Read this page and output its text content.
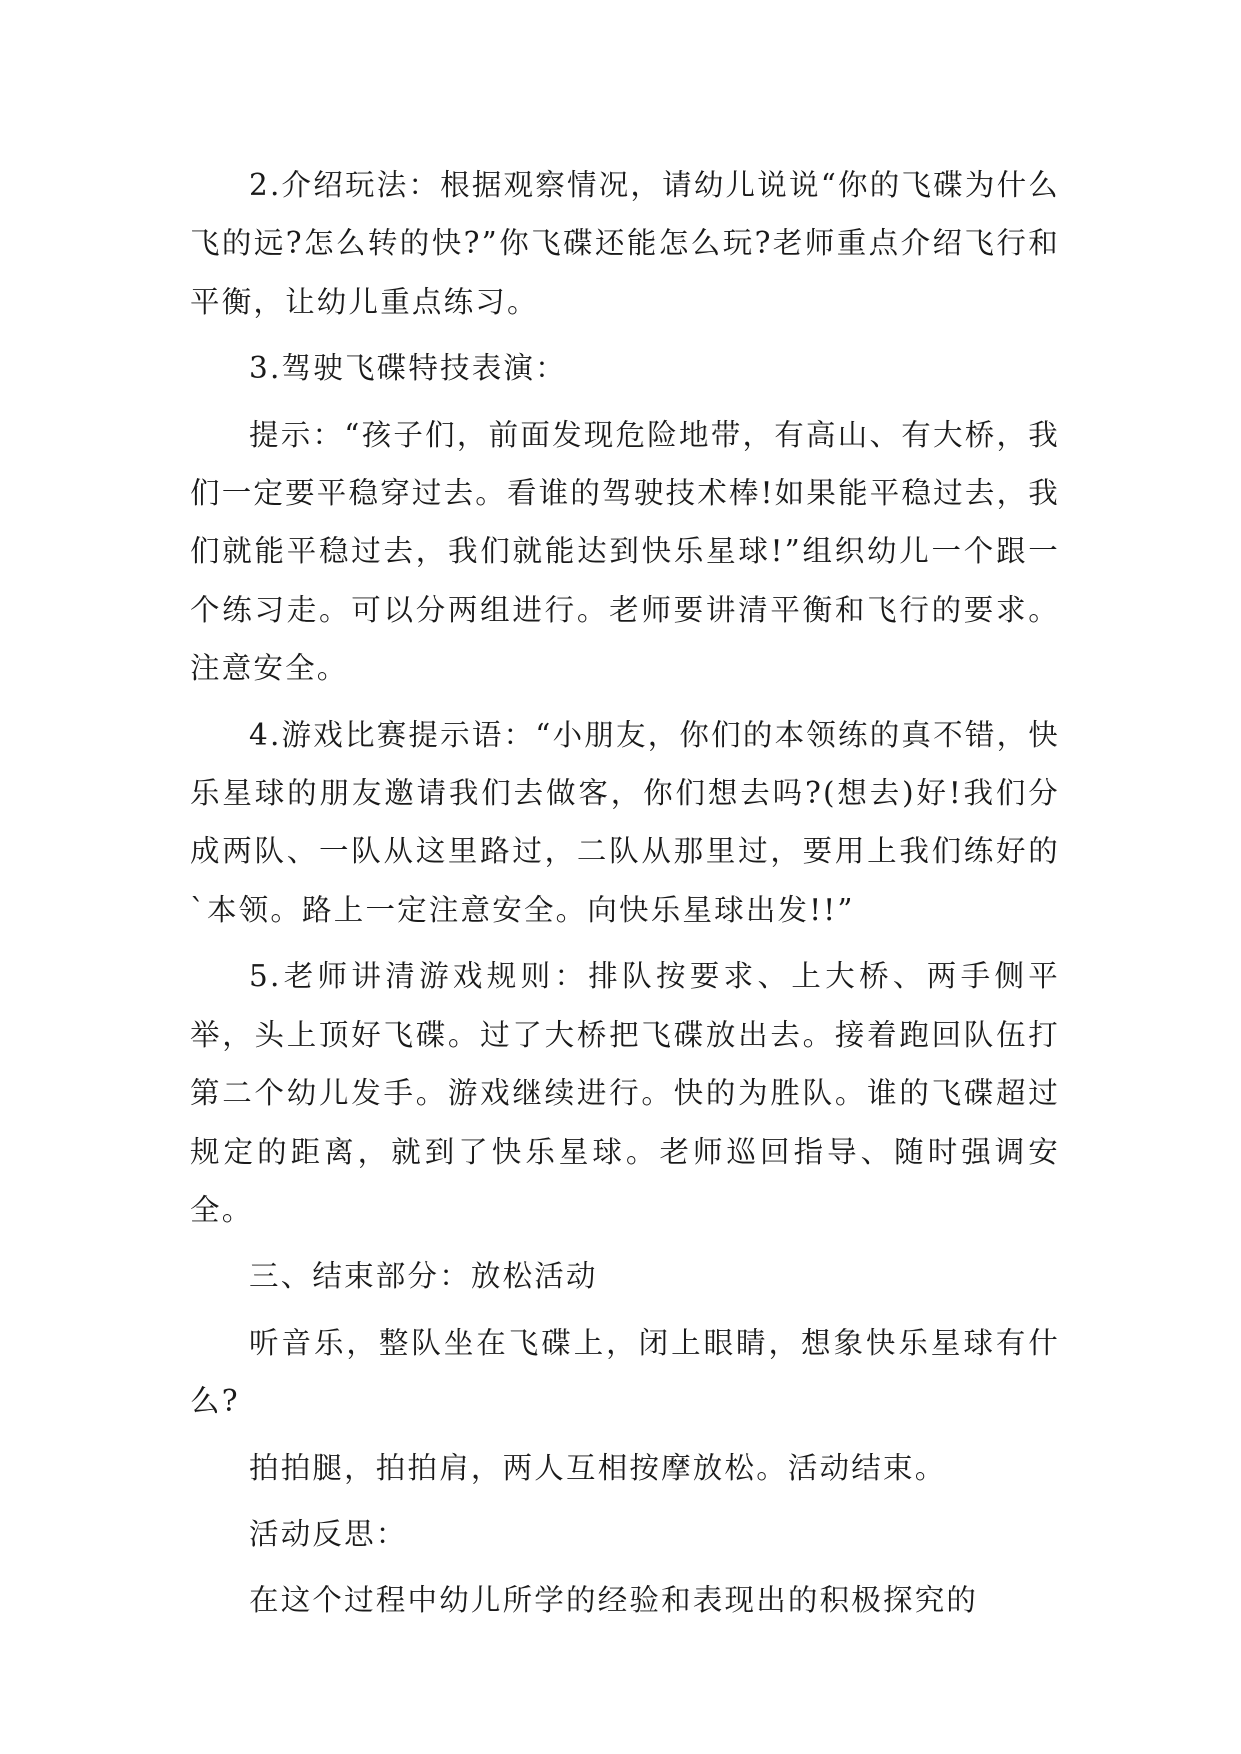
2.介绍玩法：根据观察情况，请幼儿说说“你的飞碟为什么飞的远?怎么转的快?”你飞碟还能怎么玩?老师重点介绍飞行和平衡，让幼儿重点练习。

3.驾驶飞碟特技表演：

提示：“孩子们，前面发现危险地带，有高山、有大桥，我们一定要平稳穿过去。看谁的驾驶技术棒!如果能平稳过去，我们就能平稳过去，我们就能达到快乐星球!”组织幼儿一个跟一个练习走。可以分两组进行。老师要讲清平衡和飞行的要求。注意安全。

4.游戏比赛提示语：“小朋友，你们的本领练的真不错，快乐星球的朋友邀请我们去做客，你们想去吗?(想去)好!我们分成两队、一队从这里路过，二队从那里过，要用上我们练好的`本领。路上一定注意安全。向快乐星球出发!!”

5.老师讲清游戏规则：排队按要求、上大桥、两手侧平举，头上顶好飞碟。过了大桥把飞碟放出去。接着跑回队伍打第二个幼儿发手。游戏继续进行。快的为胜队。谁的飞碟超过规定的距离，就到了快乐星球。老师巡回指导、随时强调安全。

三、结束部分：放松活动

听音乐，整队坐在飞碟上，闭上眼睛，想象快乐星球有什么?

拍拍腿，拍拍肩，两人互相按摩放松。活动结束。

活动反思：

在这个过程中幼儿所学的经验和表现出的积极探究的
